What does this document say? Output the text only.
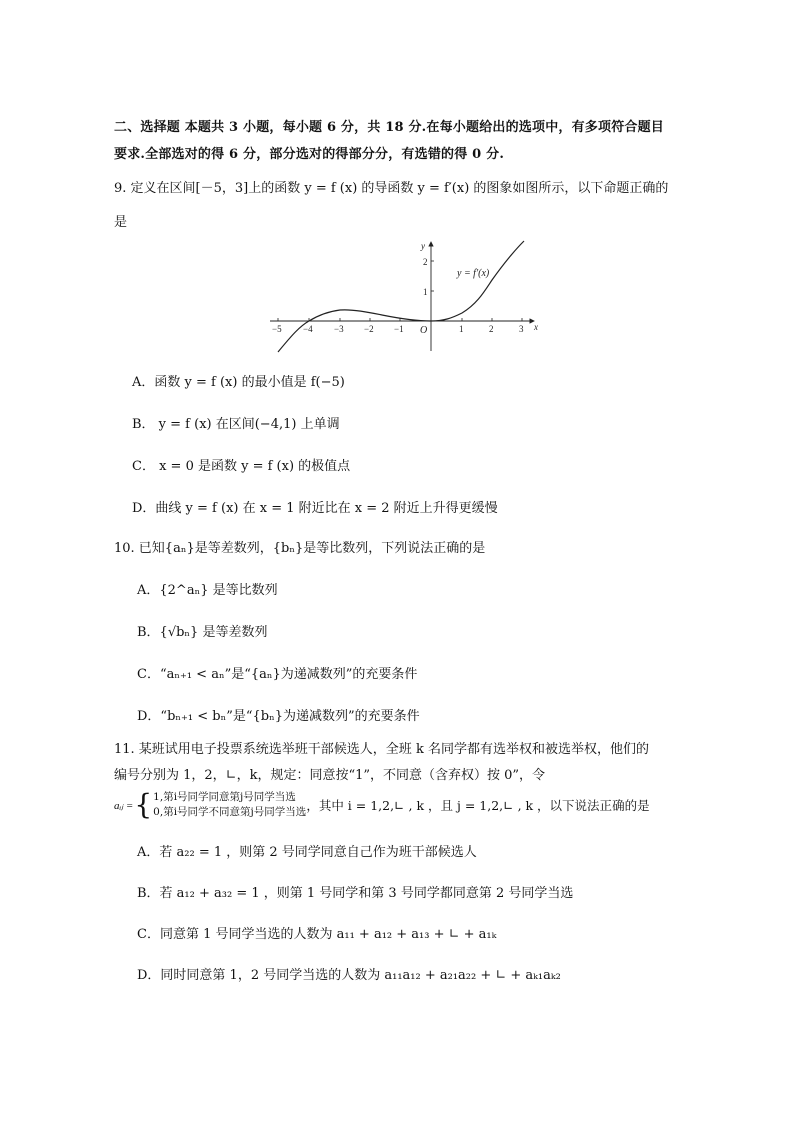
二、选择题 本题共 3 小题，每小题 6 分，共 18 分.在每小题给出的选项中，有多项符合题目
要求.全部选对的得 6 分，部分选对的得部分分，有选错的得 0 分.
9. 定义在区间[－5，3]上的函数 y = f (x) 的导函数 y = f′(x) 的图象如图所示，以下命题正确的
是
−5 −4 −3 −2 −1	1	2	3
1
2
O	x
y
y = f′(x)
A．函数 y = f (x) 的最小值是 f(−5)
B． y = f (x) 在区间(−4,1) 上单调
C． x = 0 是函数 y = f (x) 的极值点
D．曲线 y = f (x) 在 x = 1 附近比在 x = 2 附近上升得更缓慢
10. 已知{aₙ}是等差数列，{bₙ}是等比数列，下列说法正确的是
A．{2^aₙ} 是等比数列
B．{√bₙ} 是等差数列
C．“aₙ₊₁ < aₙ”是“{aₙ}为递减数列”的充要条件
D．“bₙ₊₁ < bₙ”是“{bₙ}为递减数列”的充要条件
11. 某班试用电子投票系统选举班干部候选人，全班 k 名同学都有选举权和被选举权，他们的
编号分别为 1，2，∟，k，规定：同意按“1”，不同意（含弃权）按 0”，令
aᵢⱼ = { 1,第i号同学同意第j号同学当选
0,第i号同学不同意第j号同学当选 ，其中 i = 1,2,∟ , k ，且 j = 1,2,∟ , k ，以下说法正确的是
A．若 a₂₂ = 1 ，则第 2 号同学同意自己作为班干部候选人
B．若 a₁₂ + a₃₂ = 1 ，则第 1 号同学和第 3 号同学都同意第 2 号同学当选
C．同意第 1 号同学当选的人数为 a₁₁ + a₁₂ + a₁₃ + ∟ + a₁ₖ
D．同时同意第 1，2 号同学当选的人数为 a₁₁a₁₂ + a₂₁a₂₂ + ∟ + aₖ₁aₖ₂
